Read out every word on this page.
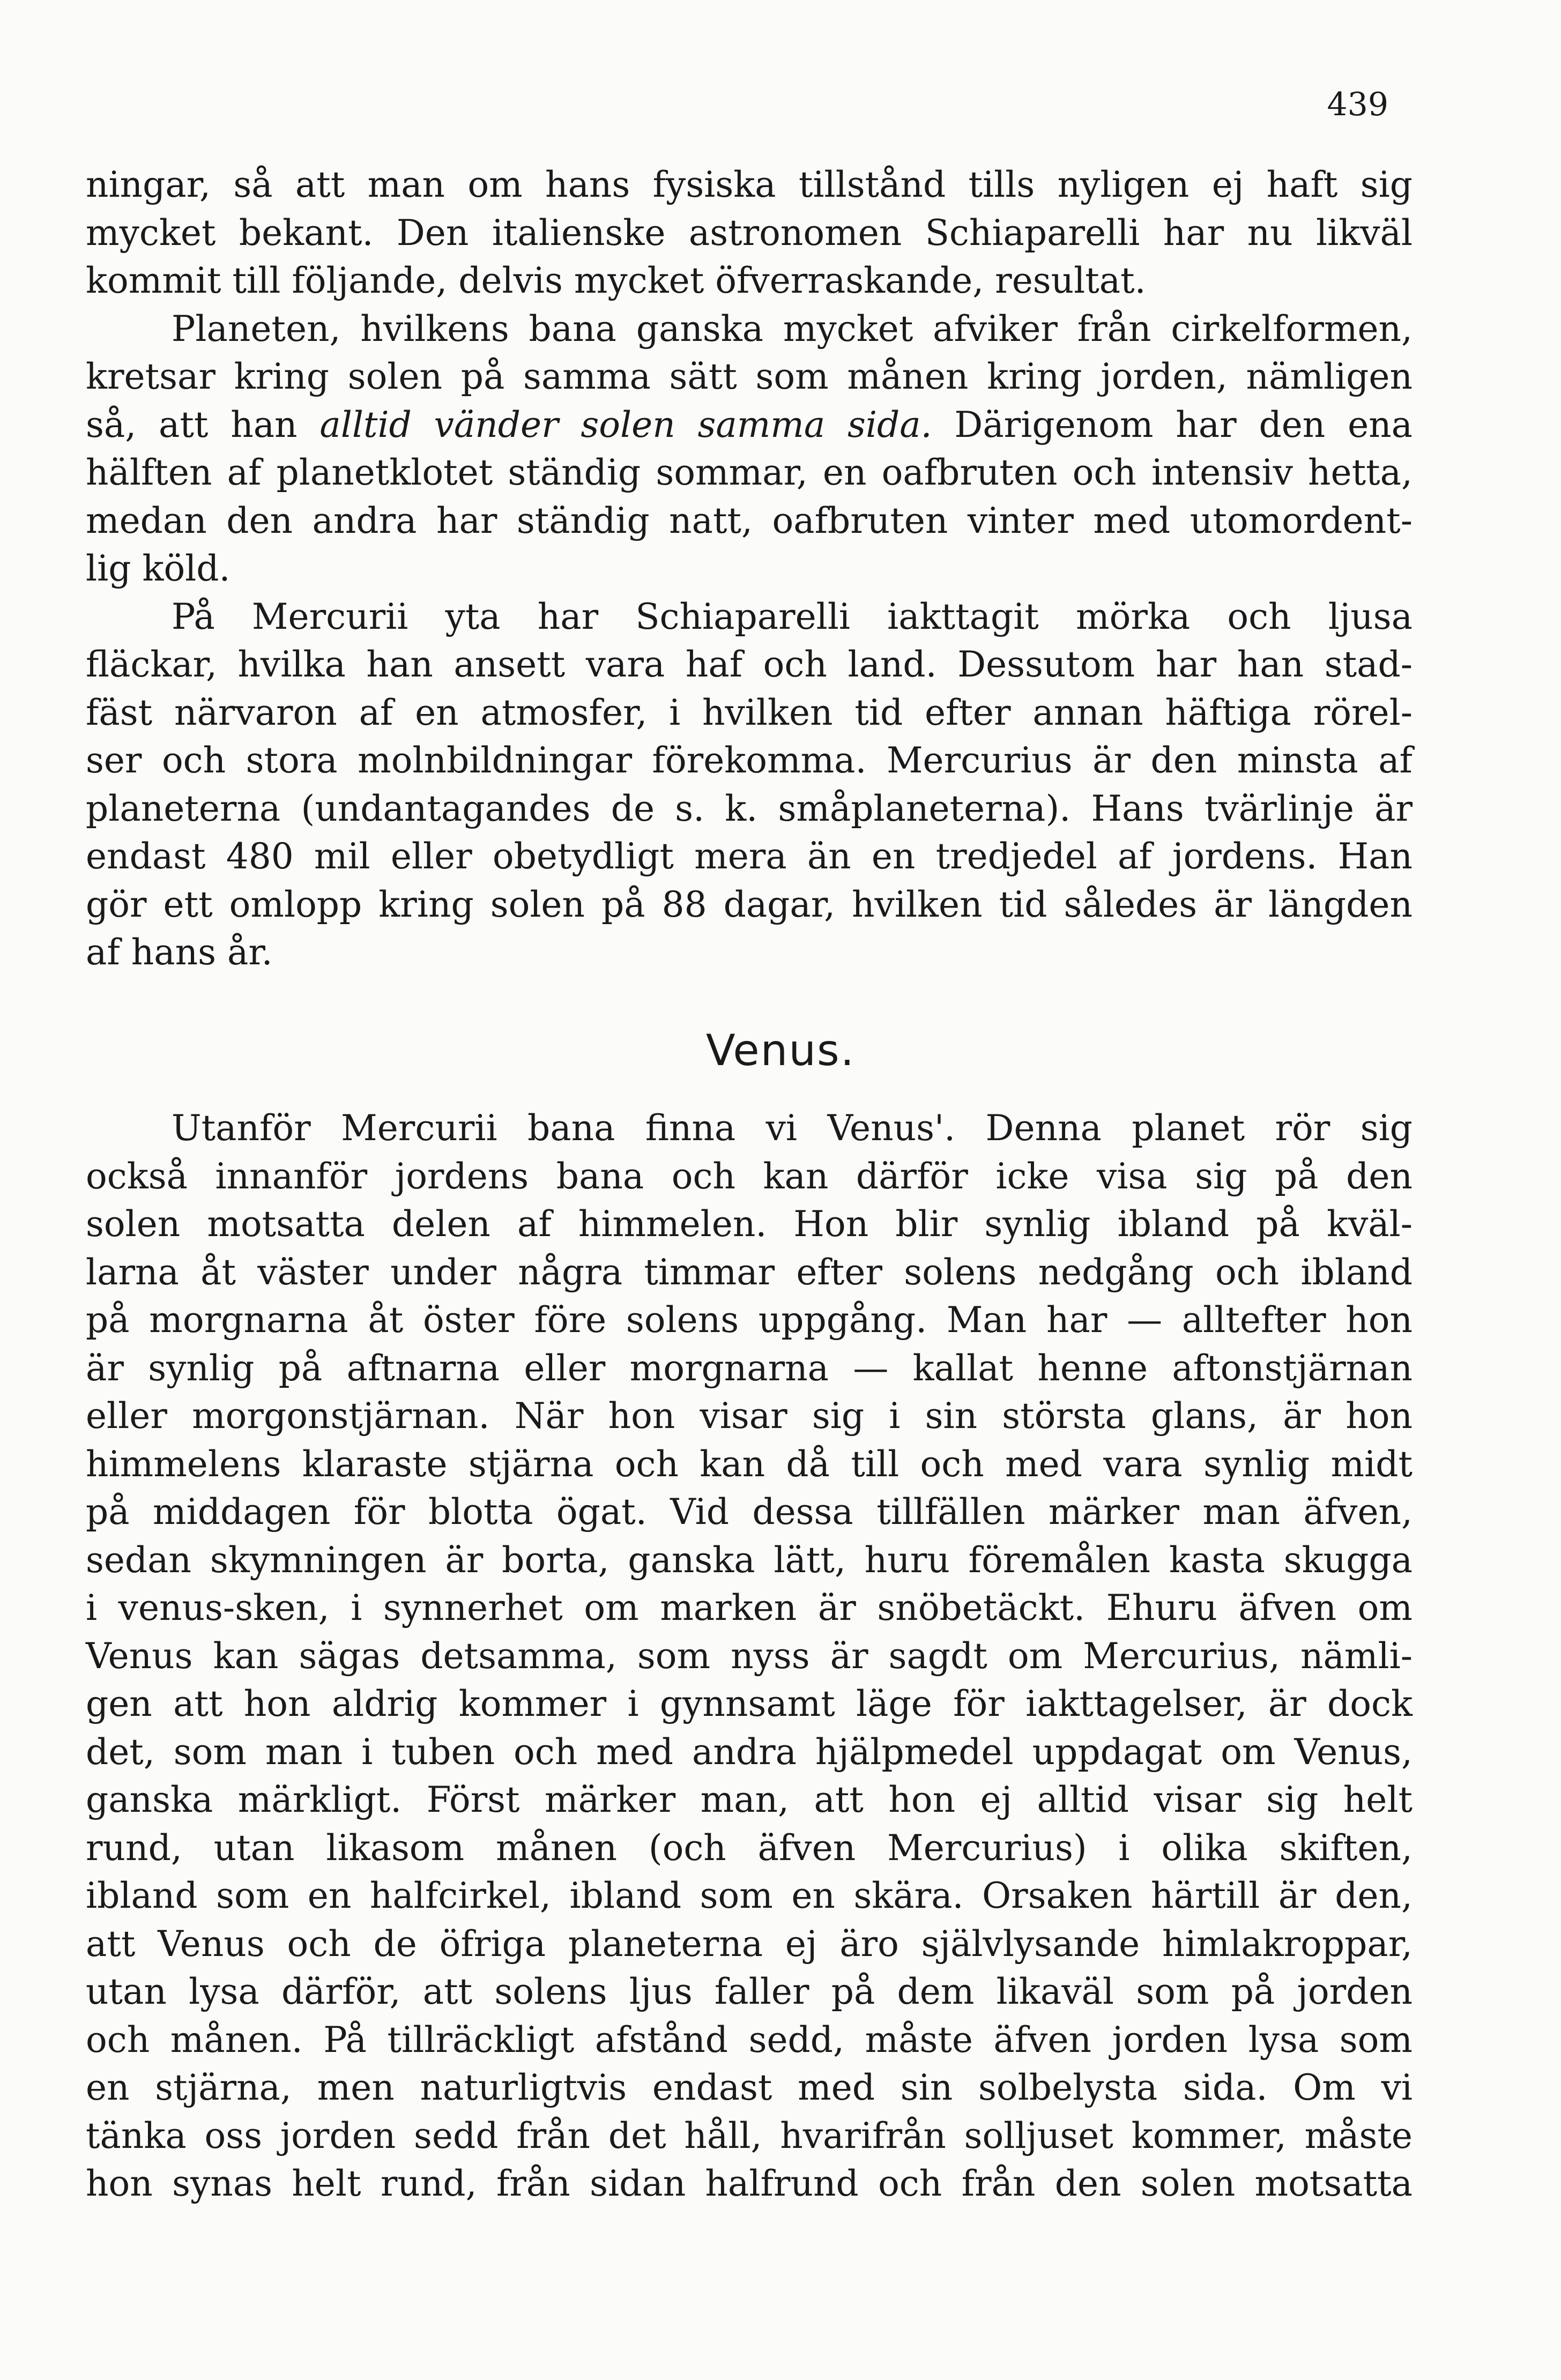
439
ningar, så att man om hans fysiska tillstånd tills nyligen ej haft sig
mycket bekant. Den italienske astronomen Schiaparelli har nu likväl
kommit till följande, delvis mycket öfverraskande, resultat.
Planeten, hvilkens bana ganska mycket afviker från cirkelformen,
kretsar kring solen på samma sätt som månen kring jorden, nämligen
så, att han alltid vänder solen samma sida. Därigenom har den ena
hälften af planetklotet ständig sommar, en oafbruten och intensiv hetta,
medan den andra har ständig natt, oafbruten vinter med utomordent-
lig köld.
På Mercurii yta har Schiaparelli iakttagit mörka och ljusa
fläckar, hvilka han ansett vara haf och land. Dessutom har han stad-
fäst närvaron af en atmosfer, i hvilken tid efter annan häftiga rörel-
ser och stora molnbildningar förekomma. Mercurius är den minsta af
planeterna (undantagandes de s. k. småplaneterna). Hans tvärlinje är
endast 480 mil eller obetydligt mera än en tredjedel af jordens. Han
gör ett omlopp kring solen på 88 dagar, hvilken tid således är längden
af hans år.
Venus.
Utanför Mercurii bana finna vi Venus'. Denna planet rör sig
också innanför jordens bana och kan därför icke visa sig på den
solen motsatta delen af himmelen. Hon blir synlig ibland på kväl-
larna åt väster under några timmar efter solens nedgång och ibland
på morgnarna åt öster före solens uppgång. Man har — alltefter hon
är synlig på aftnarna eller morgnarna — kallat henne aftonstjärnan
eller morgonstjärnan. När hon visar sig i sin största glans, är hon
himmelens klaraste stjärna och kan då till och med vara synlig midt
på middagen för blotta ögat. Vid dessa tillfällen märker man äfven,
sedan skymningen är borta, ganska lätt, huru föremålen kasta skugga
i venus-sken, i synnerhet om marken är snöbetäckt. Ehuru äfven om
Venus kan sägas detsamma, som nyss är sagdt om Mercurius, nämli-
gen att hon aldrig kommer i gynnsamt läge för iakttagelser, är dock
det, som man i tuben och med andra hjälpmedel uppdagat om Venus,
ganska märkligt. Först märker man, att hon ej alltid visar sig helt
rund, utan likasom månen (och äfven Mercurius) i olika skiften,
ibland som en halfcirkel, ibland som en skära. Orsaken härtill är den,
att Venus och de öfriga planeterna ej äro självlysande himlakroppar,
utan lysa därför, att solens ljus faller på dem likaväl som på jorden
och månen. På tillräckligt afstånd sedd, måste äfven jorden lysa som
en stjärna, men naturligtvis endast med sin solbelysta sida. Om vi
tänka oss jorden sedd från det håll, hvarifrån solljuset kommer, måste
hon synas helt rund, från sidan halfrund och från den solen motsatta
